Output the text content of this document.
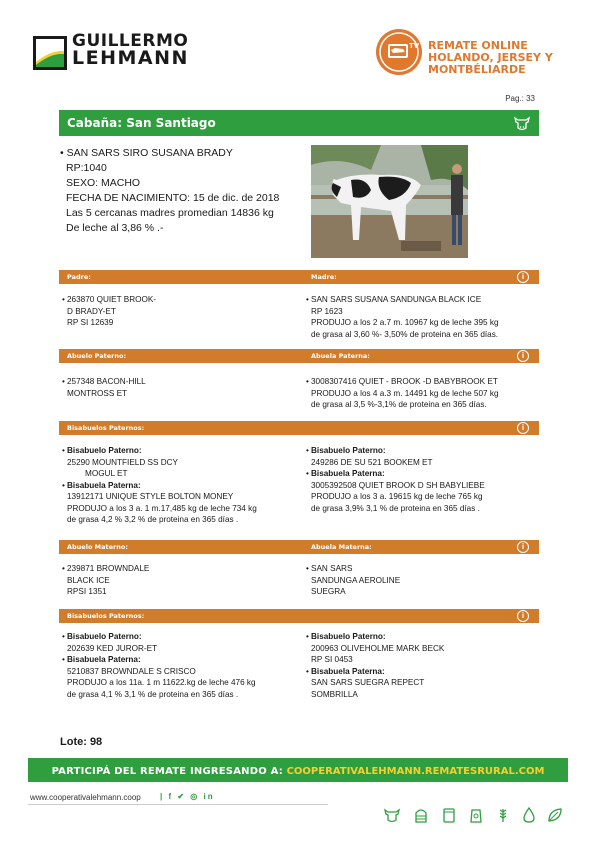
GUILLERMO
LEHMANN
TV REMATE ONLINE
HOLANDO, JERSEY Y MONTBÉLIARDE
Pag.: 33
Cabaña: San Santiago
• SAN SARS SIRO SUSANA BRADY
RP:1040
SEXO: MACHO
FECHA DE NACIMIENTO: 15 de dic. de 2018
Las 5 cercanas madres promedian 14836 kg
De leche al 3,86 % .-
Padre:	Madre:	i
• 263870 QUIET BROOK-
D BRADY-ET
RP SI 12639
• SAN SARS SUSANA SANDUNGA BLACK ICE
RP 1623
PRODUJO a los 2 a.7 m. 10967 kg de leche 395 kg
de grasa al 3,60 %- 3,50% de proteina en 365 días.
Abuelo Paterno:	Abuela Paterna:	i
• 257348 BACON-HILL
MONTROSS ET
• 3008307416 QUIET - BROOK -D BABYBROOK ET
PRODUJO a los 4 a.3 m. 14491 kg de leche 507 kg
de grasa al 3,5 %-3,1% de proteina en 365 días.
Bisabuelos Paternos:	i
• Bisabuelo Paterno:
25290 MOUNTFIELD SS DCY
MOGUL ET
• Bisabuela Paterna:
13912171 UNIQUE STYLE BOLTON MONEY
PRODUJO a los 3 a. 1 m.17,485 kg de leche 734 kg
de grasa 4,2 % 3,2 % de proteina en 365 días .
• Bisabuelo Paterno:
249286 DE SU 521 BOOKEM ET
• Bisabuela Paterna:
3005392508 QUIET BROOK D SH BABYLIEBE
PRODUJO a los 3 a. 19615 kg de leche 765 kg
de grasa 3,9% 3,1 % de proteina en 365 días .
Abuelo Materno:	Abuela Materna:	i
• 239871 BROWNDALE
BLACK ICE
RPSI 1351
• SAN SARS
SANDUNGA AEROLINE
SUEGRA
Bisabuelos Paternos:	i
• Bisabuelo Paterno:
202639 KED JUROR-ET
• Bisabuela Paterna:
5210837 BROWNDALE S CRISCO
PRODUJO a los 11a. 1 m 11622.kg de leche 476 kg
de grasa 4,1 % 3,1 % de proteina en 365 días .
• Bisabuelo Paterno:
200963 OLIVEHOLME MARK BECK
RP SI 0453
• Bisabuela Paterna:
SAN SARS SUEGRA REPECT
SOMBRILLA
Lote: 98
PARTICIPÁ DEL REMATE INGRESANDO A: COOPERATIVALEHMANN.REMATESRURAL.COM
www.cooperativalehmann.coop | f ✔ ◎ in
